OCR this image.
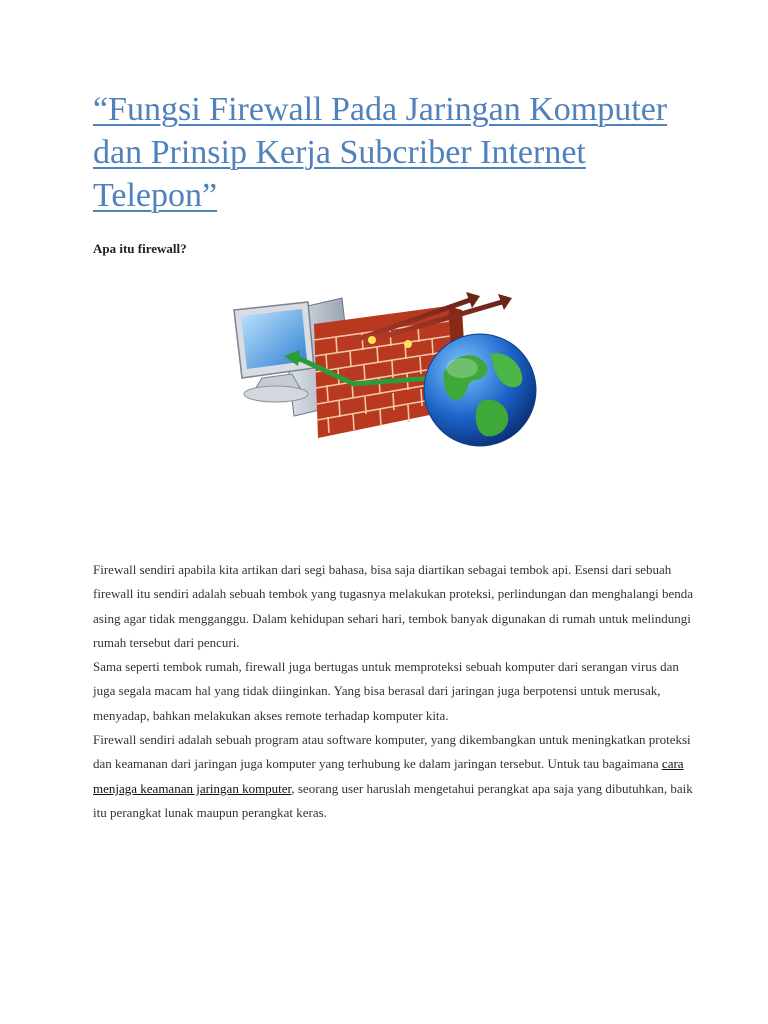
“Fungsi Firewall Pada Jaringan Komputer dan Prinsip Kerja Subcriber Internet Telepon”

Apa itu firewall?

Firewall sendiri apabila kita artikan dari segi bahasa, bisa saja diartikan sebagai tembok api. Esensi dari sebuah firewall itu sendiri adalah sebuah tembok yang tugasnya melakukan proteksi, perlindungan dan menghalangi benda asing agar tidak mengganggu. Dalam kehidupan sehari hari, tembok banyak digunakan di rumah untuk melindungi rumah tersebut dari pencuri.

Sama seperti tembok rumah, firewall juga bertugas untuk memproteksi sebuah komputer dari serangan virus dan juga segala macam hal yang tidak diinginkan. Yang bisa berasal dari jaringan juga berpotensi untuk merusak, menyadap, bahkan melakukan akses remote terhadap komputer kita.

Firewall sendiri adalah sebuah program atau software komputer, yang dikembangkan untuk meningkatkan proteksi dan keamanan dari jaringan juga komputer yang terhubung ke dalam jaringan tersebut. Untuk tau bagaimana cara menjaga keamanan jaringan komputer, seorang user haruslah mengetahui perangkat apa saja yang dibutuhkan, baik itu perangkat lunak maupun perangkat keras.
